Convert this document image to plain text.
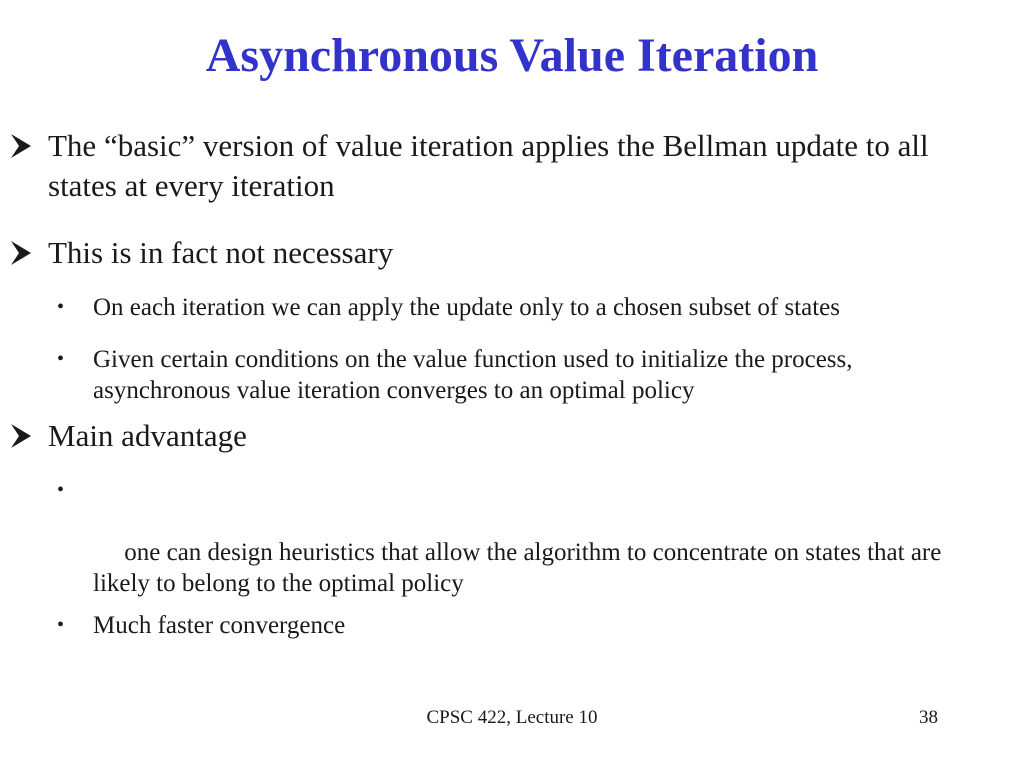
Asynchronous Value Iteration
The “basic” version of value iteration applies the Bellman update to all states at every iteration
This is in fact not necessary
• On each iteration we can apply the update only to a chosen subset of states
• Given certain conditions on the value function used to initialize the process, asynchronous value iteration converges to an optimal policy
Main advantage

•

one can design heuristics that allow the algorithm to concentrate on states that are likely to belong to the optimal policy

• Much faster convergence
CPSC 422, Lecture 10	38
